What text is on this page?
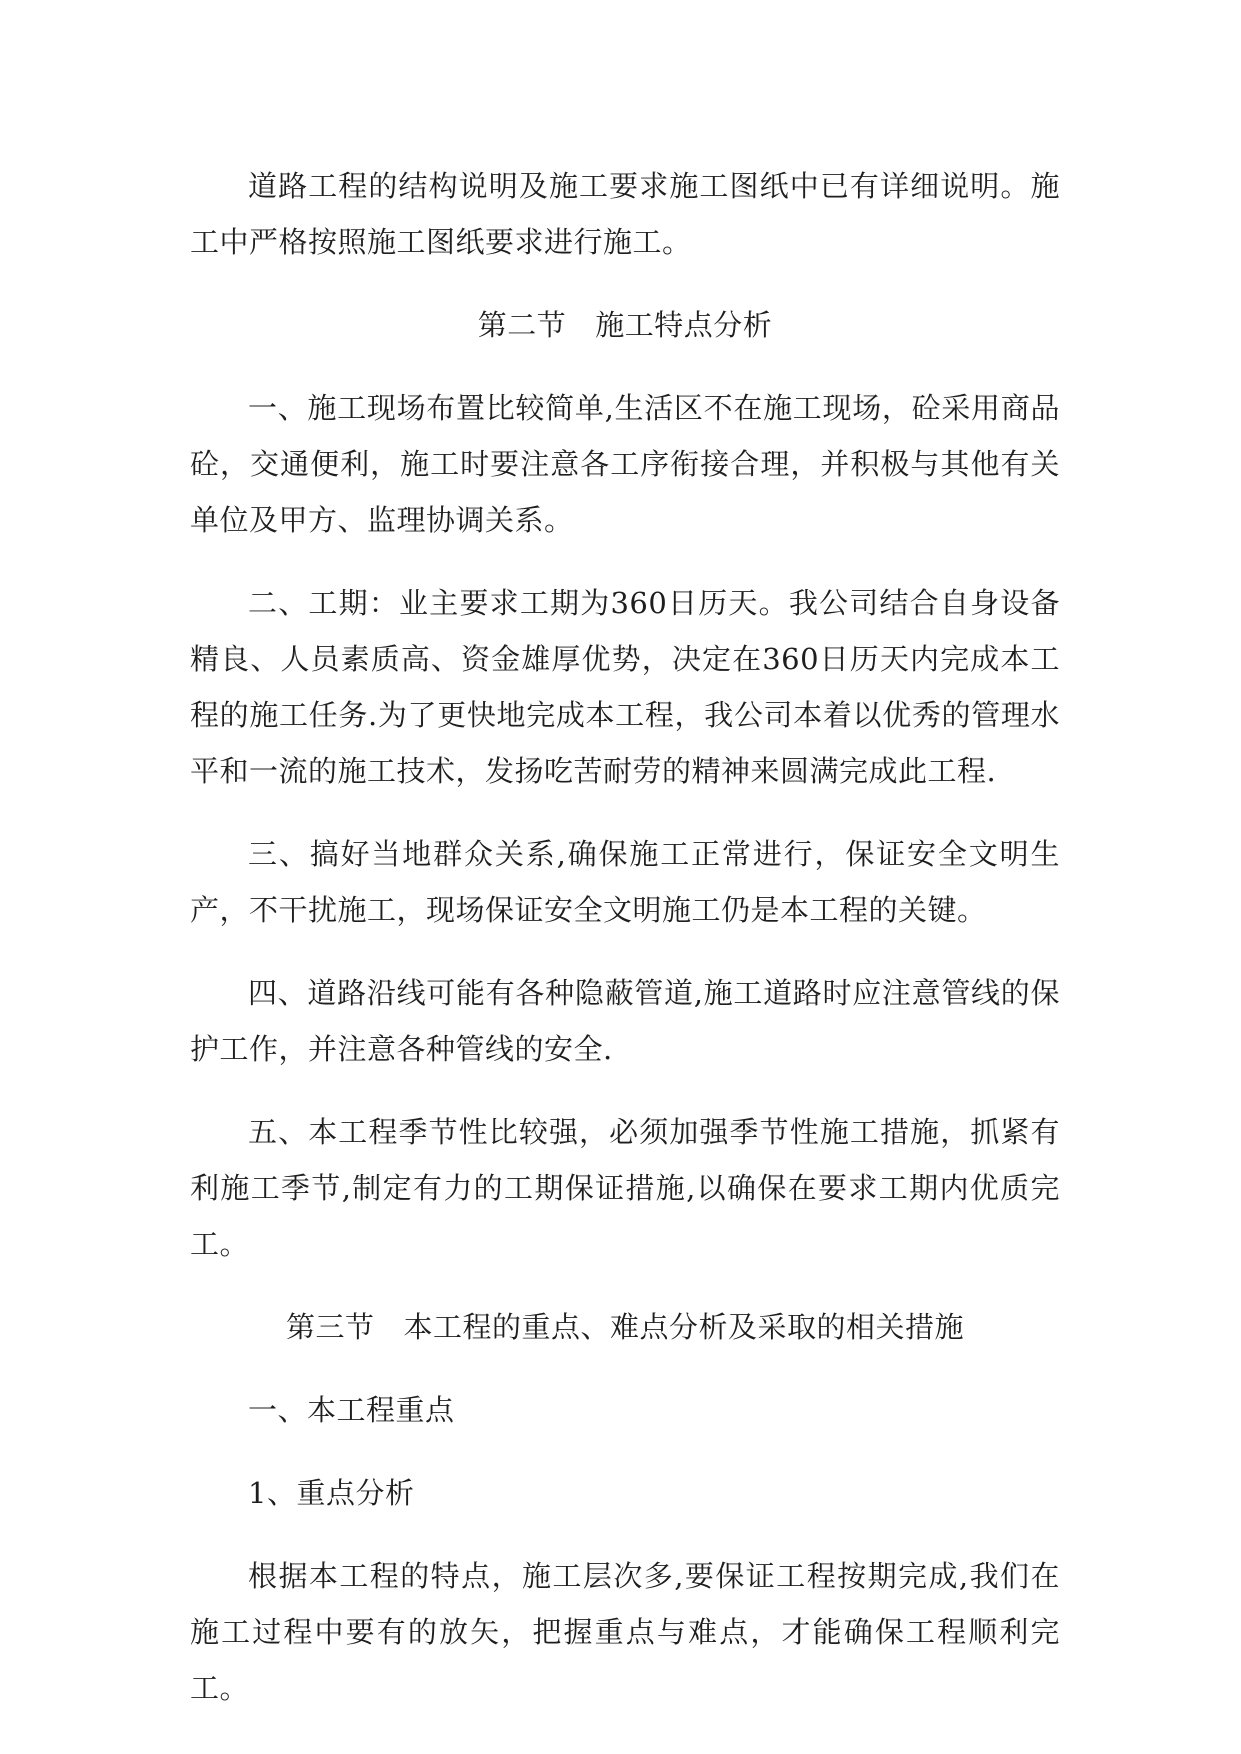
道路工程的结构说明及施工要求施工图纸中已有详细说明。施工中严格按照施工图纸要求进行施工。

第二节 施工特点分析

一、施工现场布置比较简单,生活区不在施工现场，砼采用商品砼，交通便利，施工时要注意各工序衔接合理，并积极与其他有关单位及甲方、监理协调关系。

二、工期：业主要求工期为360日历天。我公司结合自身设备精良、人员素质高、资金雄厚优势，决定在360日历天内完成本工程的施工任务.为了更快地完成本工程，我公司本着以优秀的管理水平和一流的施工技术，发扬吃苦耐劳的精神来圆满完成此工程.

三、搞好当地群众关系,确保施工正常进行，保证安全文明生产，不干扰施工，现场保证安全文明施工仍是本工程的关键。

四、道路沿线可能有各种隐蔽管道,施工道路时应注意管线的保护工作，并注意各种管线的安全.

五、本工程季节性比较强，必须加强季节性施工措施，抓紧有利施工季节,制定有力的工期保证措施,以确保在要求工期内优质完工。

第三节 本工程的重点、难点分析及采取的相关措施

一、本工程重点

1、重点分析

根据本工程的特点，施工层次多,要保证工程按期完成,我们在施工过程中要有的放矢，把握重点与难点，才能确保工程顺利完工。
